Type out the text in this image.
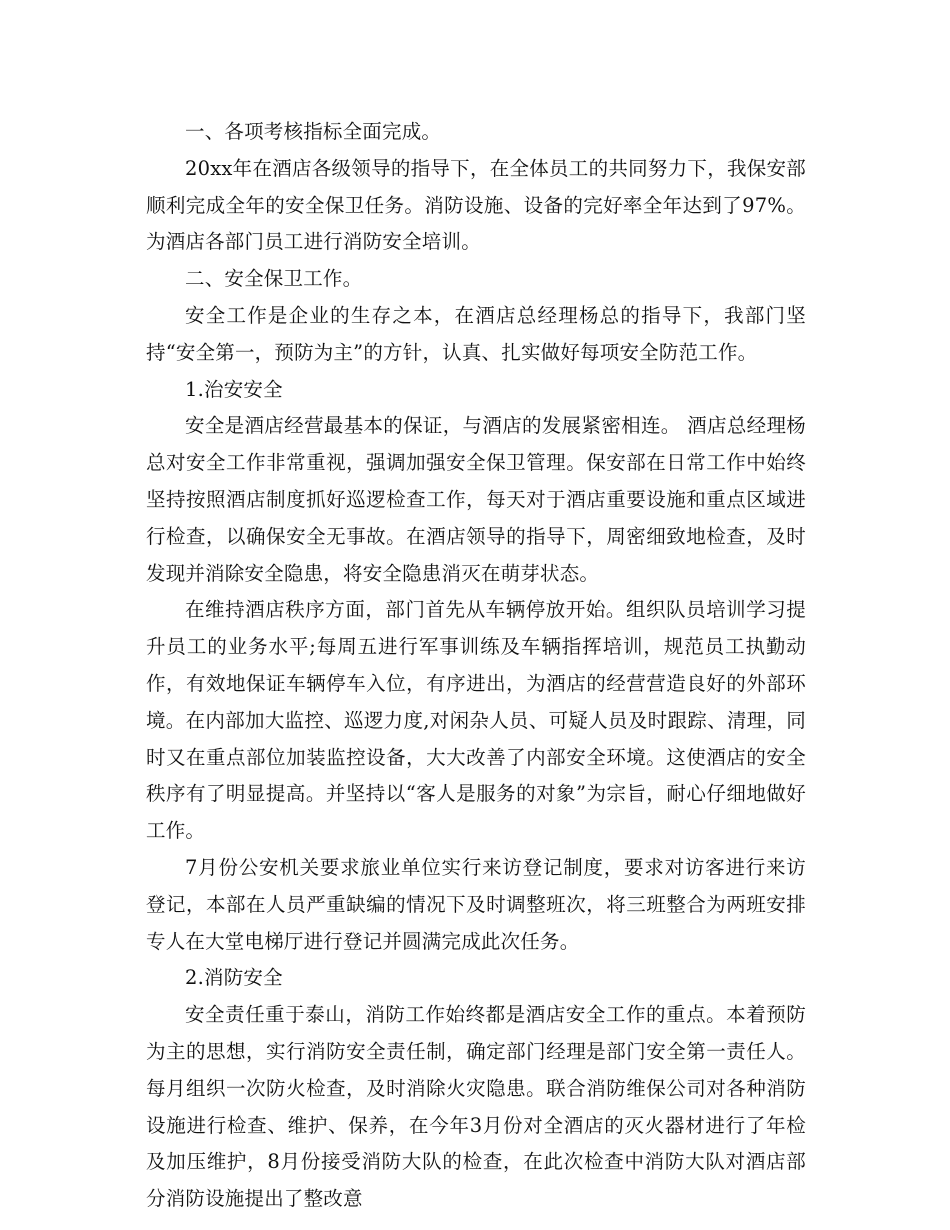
一、各项考核指标全面完成。

20xx年在酒店各级领导的指导下，在全体员工的共同努力下，我保安部顺利完成全年的安全保卫任务。消防设施、设备的完好率全年达到了97%。为酒店各部门员工进行消防安全培训。

二、安全保卫工作。

安全工作是企业的生存之本，在酒店总经理杨总的指导下，我部门坚持“安全第一，预防为主”的方针，认真、扎实做好每项安全防范工作。

1.治安安全

安全是酒店经营最基本的保证，与酒店的发展紧密相连。 酒店总经理杨总对安全工作非常重视，强调加强安全保卫管理。保安部在日常工作中始终坚持按照酒店制度抓好巡逻检查工作，每天对于酒店重要设施和重点区域进行检查，以确保安全无事故。在酒店领导的指导下，周密细致地检查，及时发现并消除安全隐患，将安全隐患消灭在萌芽状态。

在维持酒店秩序方面，部门首先从车辆停放开始。组织队员培训学习提升员工的业务水平;每周五进行军事训练及车辆指挥培训，规范员工执勤动作，有效地保证车辆停车入位，有序进出，为酒店的经营营造良好的外部环境。在内部加大监控、巡逻力度,对闲杂人员、可疑人员及时跟踪、清理，同时又在重点部位加装监控设备，大大改善了内部安全环境。这使酒店的安全秩序有了明显提高。并坚持以“客人是服务的对象”为宗旨，耐心仔细地做好工作。

7月份公安机关要求旅业单位实行来访登记制度，要求对访客进行来访登记，本部在人员严重缺编的情况下及时调整班次，将三班整合为两班安排专人在大堂电梯厅进行登记并圆满完成此次任务。

2.消防安全

安全责任重于泰山，消防工作始终都是酒店安全工作的重点。本着预防为主的思想，实行消防安全责任制，确定部门经理是部门安全第一责任人。每月组织一次防火检查，及时消除火灾隐患。联合消防维保公司对各种消防设施进行检查、维护、保养，在今年3月份对全酒店的灭火器材进行了年检及加压维护，8月份接受消防大队的检查，在此次检查中消防大队对酒店部分消防设施提出了整改意
